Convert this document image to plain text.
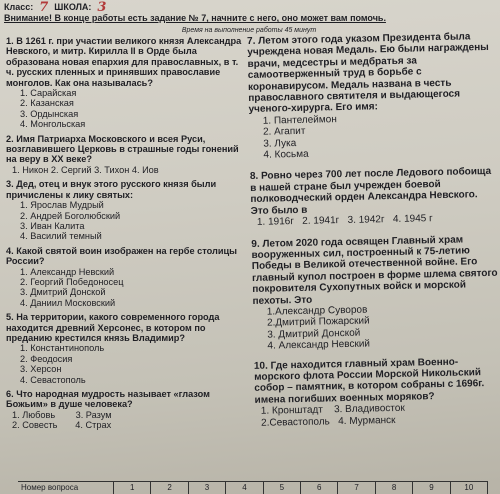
Класс: 7 ШКОЛА: 3
Внимание! В конце работы есть задание № 7, начните с него, оно может вам помочь.
Время на выполнение работы 45 минут
1. В 1261 г. при участии великого князя Александра Невского, и митр. Кирилла II в Орде была образована новая епархия для православных, в т. ч. русских пленных и принявших православие монголов. Как она называлась?
1. Сарайская
2. Казанская
3. Ордынская
4. Монгольская
2. Имя Патриарха Московского и всея Руси, возглавившего Церковь в страшные годы гонений на веру в XX веке?
1. Никон 2. Сергий 3. Тихон 4. Иов
3. Дед, отец и внук этого русского князя были причислены к лику святых:
1. Ярослав Мудрый
2. Андрей Боголюбский
3. Иван Калита
4. Василий темный
4. Какой святой воин изображен на гербе столицы России?
1. Александр Невский
2. Георгий Победоносец
3. Дмитрий Донской
4. Даниил Московский
5. На территории, какого современного города находится древний Херсонес, в котором по преданию крестился князь Владимир?
1. Константинополь
2. Феодосия
3. Херсон
4. Севастополь
6. Что народная мудрость называет «глазом Божьим» в душе человека?
1. Любовь        3. Разум
2. Совесть       4. Страх
7. Летом этого года указом Президента была учреждена новая Медаль. Ею были награждены врачи, медсестры и медбратья за самоотверженный труд в борьбе с коронавирусом. Медаль названа в честь православного святителя и выдающегося ученого-хирурга. Его имя:
1. Пантелеймон
2. Агапит
3. Лука
4. Косьма
8. Ровно через 700 лет после Ледового побоища в нашей стране был учрежден боевой полководческий орден Александра Невского. Это было в
1. 1916г   2. 1941г   3. 1942г   4. 1945 г
9. Летом 2020 года освящен Главный храм вооруженных сил, построенный к 75-летию Победы в Великой отечественной войне. Его главный купол построен в форме шлема святого покровителя Сухопутных войск и морской пехоты. Это
1.Александр Суворов
2.Дмитрий Пожарский
3. Дмитрий Донской
4. Александр Невский
10. Где находится главный храм Военно-морского флота России Морской Никольский собор – памятник, в котором собраны с 1696г. имена погибших военных моряков?
1. Кронштадт    3. Владивосток
2.Севастополь   4. Мурманск
Номер вопроса	1	2	3	4	5	6	7	8	9	10
